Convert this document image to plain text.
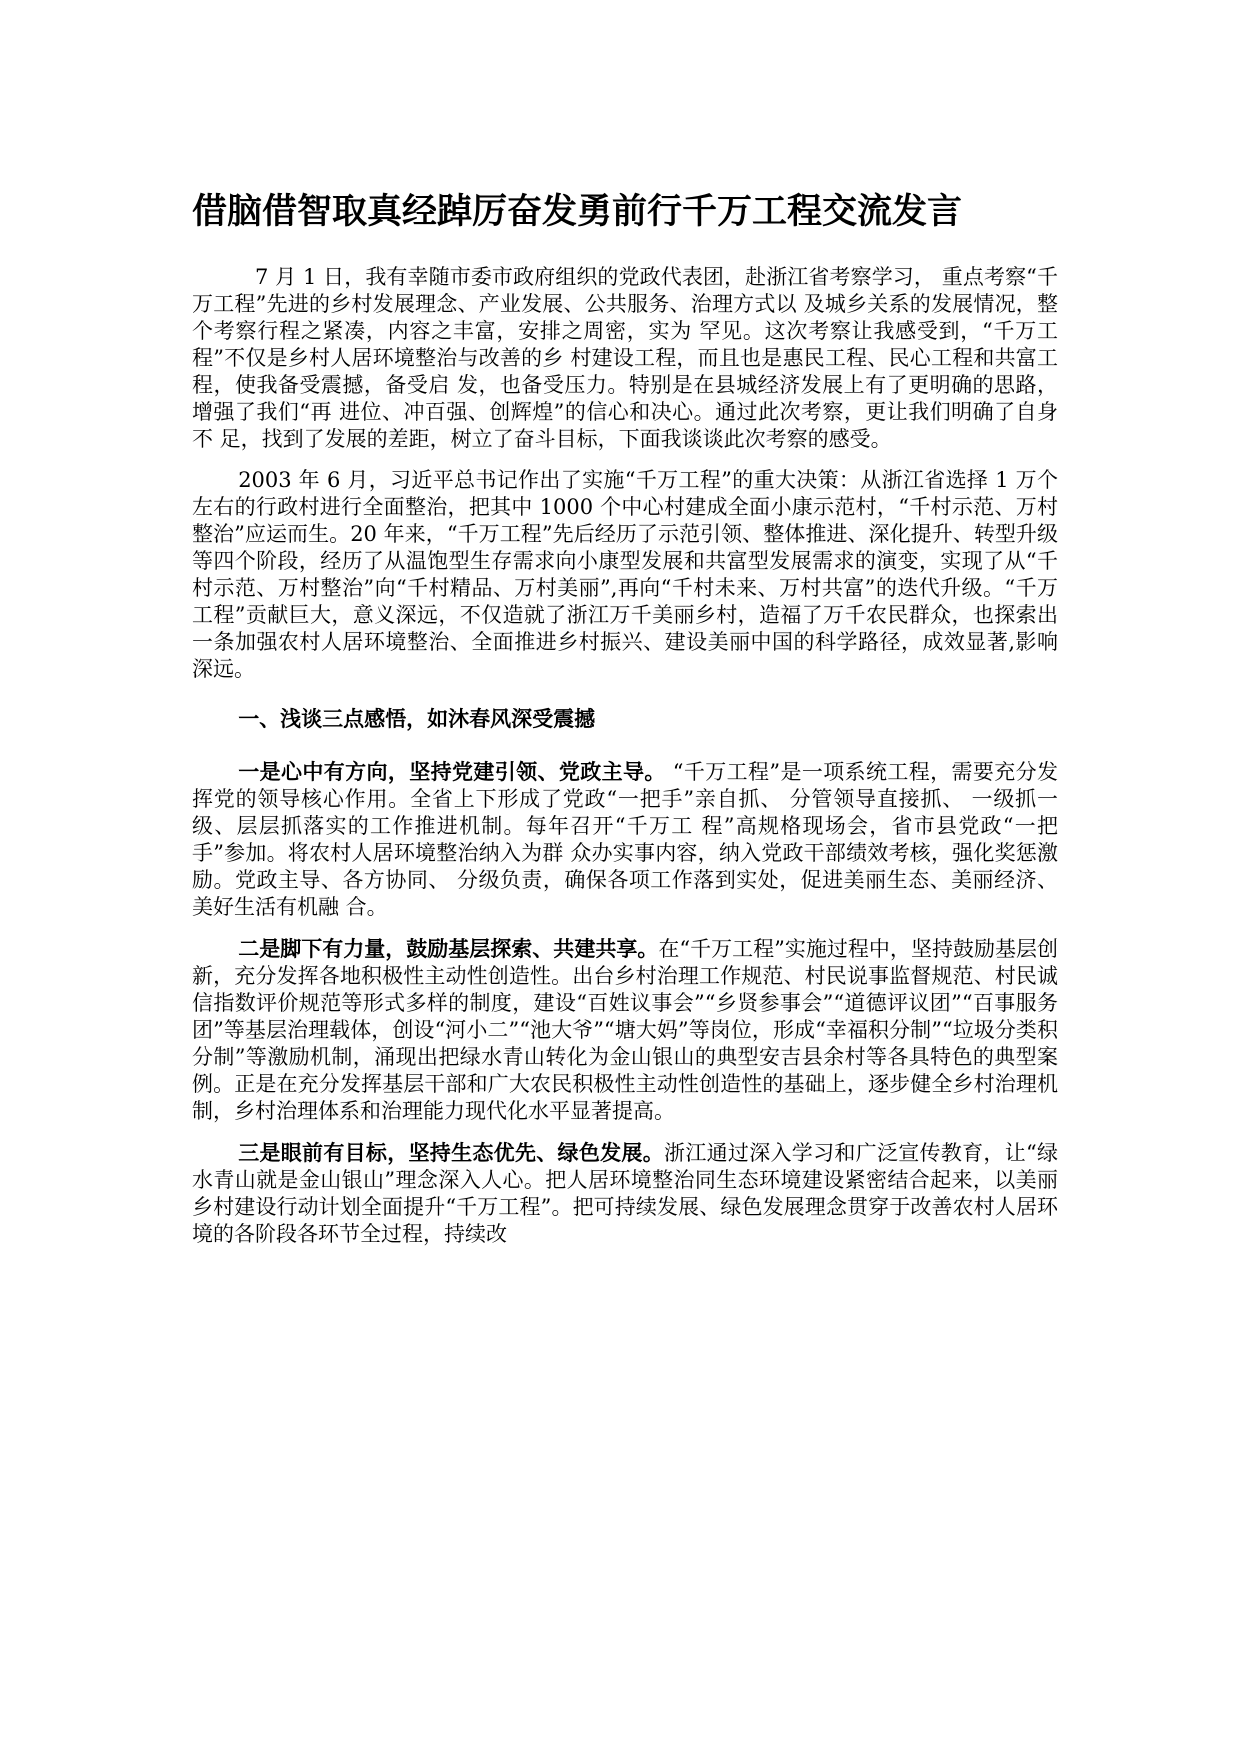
借脑借智取真经踔厉奋发勇前行千万工程交流发言

7 月 1 日，我有幸随市委市政府组织的党政代表团，赴浙江省考察学习， 重点考察“千万工程”先进的乡村发展理念、产业发展、公共服务、治理方式以 及城乡关系的发展情况，整个考察行程之紧凑，内容之丰富，安排之周密，实为 罕见。这次考察让我感受到，“千万工程”不仅是乡村人居环境整治与改善的乡 村建设工程，而且也是惠民工程、民心工程和共富工程，使我备受震撼，备受启 发，也备受压力。特别是在县城经济发展上有了更明确的思路，增强了我们“再 进位、冲百强、创辉煌”的信心和决心。通过此次考察，更让我们明确了自身不 足，找到了发展的差距，树立了奋斗目标，下面我谈谈此次考察的感受。

2003 年 6 月，习近平总书记作出了实施“千万工程”的重大决策：从浙江省选择 1 万个左右的行政村进行全面整治，把其中 1000 个中心村建成全面小康示范村，“千村示范、万村整治”应运而生。20 年来，“千万工程”先后经历了示范引领、整体推进、深化提升、转型升级等四个阶段，经历了从温饱型生存需求向小康型发展和共富型发展需求的演变，实现了从“千村示范、万村整治”向“千村精品、万村美丽”,再向“千村未来、万村共富”的迭代升级。“千万工程”贡献巨大，意义深远，不仅造就了浙江万千美丽乡村，造福了万千农民群众，也探索出一条加强农村人居环境整治、全面推进乡村振兴、建设美丽中国的科学路径，成效显著,影响深远。

一、浅谈三点感悟，如沐春风深受震撼

一是心中有方向，坚持党建引领、党政主导。 “千万工程”是一项系统工程，需要充分发挥党的领导核心作用。全省上下形成了党政“一把手”亲自抓、 分管领导直接抓、 一级抓一级、层层抓落实的工作推进机制。每年召开“千万工 程”高规格现场会，省市县党政“一把手”参加。将农村人居环境整治纳入为群 众办实事内容，纳入党政干部绩效考核，强化奖惩激励。党政主导、各方协同、 分级负责，确保各项工作落到实处，促进美丽生态、美丽经济、美好生活有机融 合。

二是脚下有力量，鼓励基层探索、共建共享。在“千万工程”实施过程中，坚持鼓励基层创新，充分发挥各地积极性主动性创造性。出台乡村治理工作规范、村民说事监督规范、村民诚信指数评价规范等形式多样的制度，建设“百姓议事会”“乡贤参事会”“道德评议团”“百事服务团”等基层治理载体，创设“河小二”“池大爷”“塘大妈”等岗位，形成“幸福积分制”“垃圾分类积分制”等激励机制，涌现出把绿水青山转化为金山银山的典型安吉县余村等各具特色的典型案例。正是在充分发挥基层干部和广大农民积极性主动性创造性的基础上，逐步健全乡村治理机制，乡村治理体系和治理能力现代化水平显著提高。

三是眼前有目标，坚持生态优先、绿色发展。浙江通过深入学习和广泛宣传教育，让“绿水青山就是金山银山”理念深入人心。把人居环境整治同生态环境建设紧密结合起来，以美丽乡村建设行动计划全面提升“千万工程”。把可持续发展、绿色发展理念贯穿于改善农村人居环境的各阶段各环节全过程，持续改
